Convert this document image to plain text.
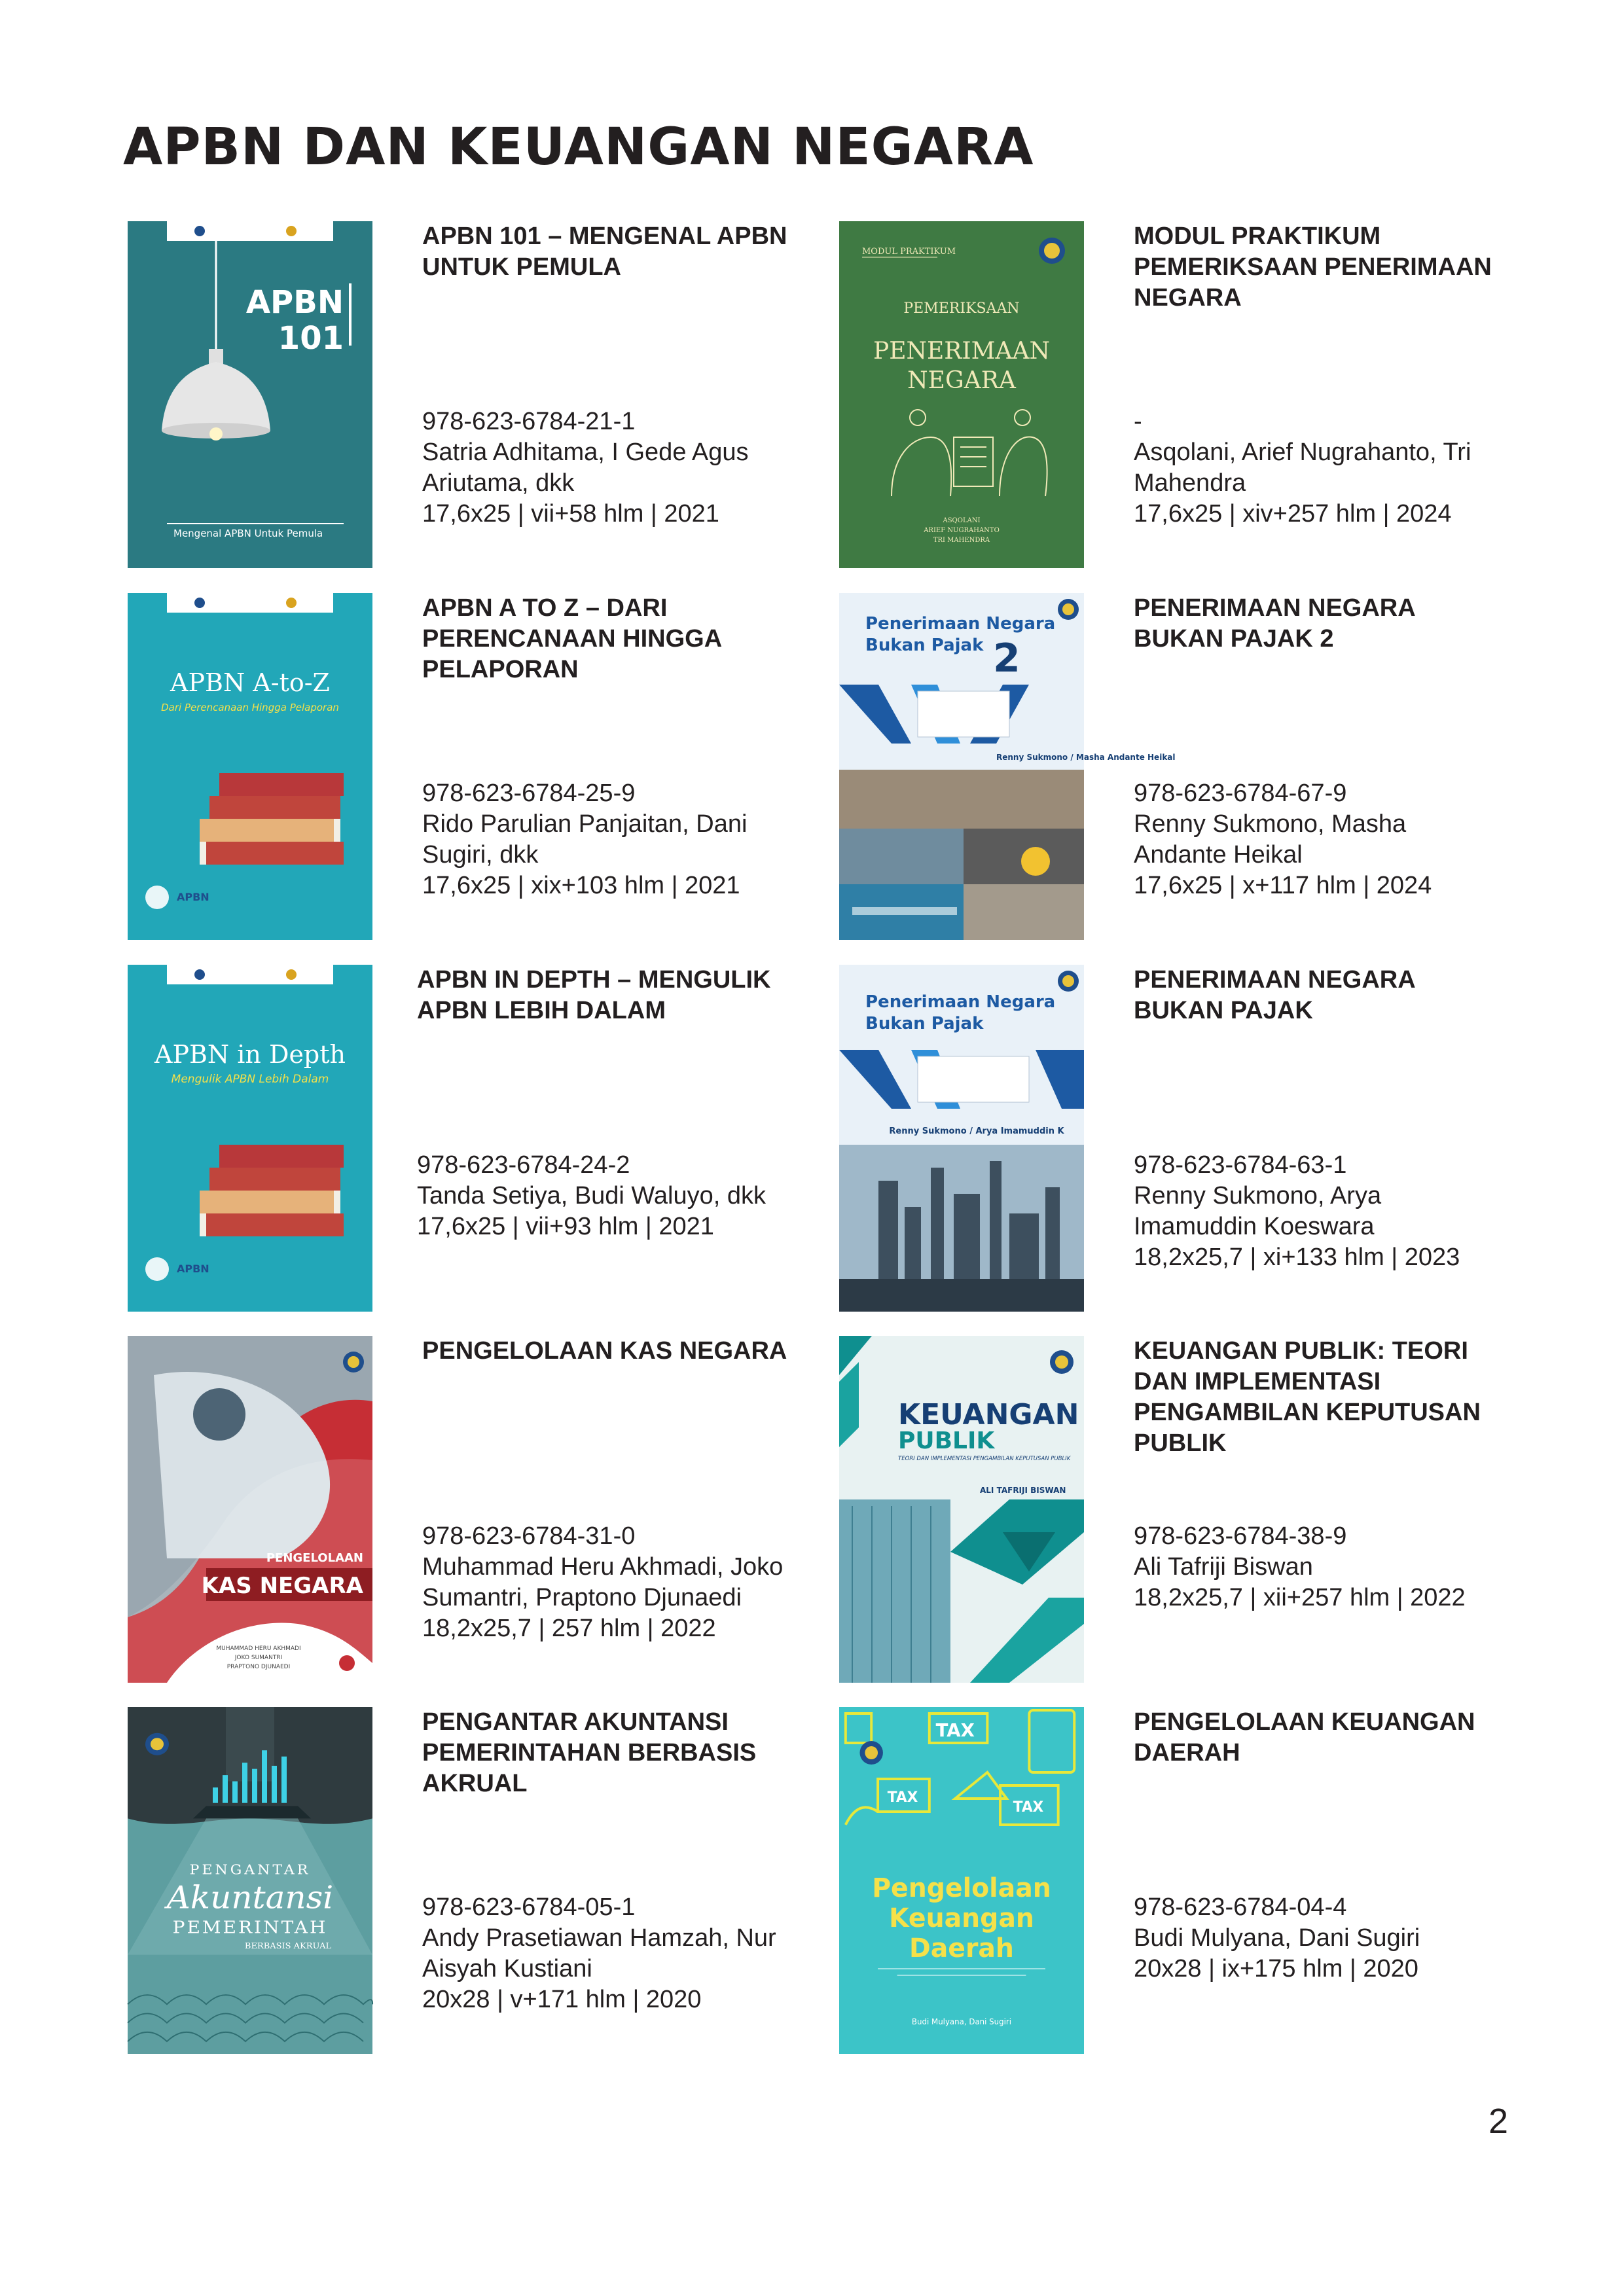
APBN DAN KEUANGAN NEGARA
APBN
101
Mengenal APBN Untuk Pemula
APBN 101 – MENGENAL APBN UNTUK PEMULA
978-623-6784-21-1
Satria Adhitama, I Gede Agus Ariutama, dkk
17,6x25 | vii+58 hlm | 2021
MODUL PRAKTIKUM
PEMERIKSAAN
PENERIMAAN
NEGARA
ASQOLANI
ARIEF NUGRAHANTO
TRI MAHENDRA
MODUL PRAKTIKUM PEMERIKSAAN PENERIMAAN NEGARA
-
Asqolani, Arief Nugrahanto, Tri Mahendra
17,6x25 | xiv+257 hlm | 2024
APBN A-to-Z
Dari Perencanaan Hingga Pelaporan
APBN
APBN A TO Z – DARI PERENCANAAN HINGGA PELAPORAN
978-623-6784-25-9
Rido Parulian Panjaitan, Dani Sugiri, dkk
17,6x25 | xix+103 hlm | 2021
Penerimaan Negara
Bukan Pajak 2
Renny Sukmono / Masha Andante Heikal
PENERIMAAN NEGARA BUKAN PAJAK 2
978-623-6784-67-9
Renny Sukmono, Masha Andante Heikal
17,6x25 | x+117 hlm | 2024
APBN in Depth
Mengulik APBN Lebih Dalam
APBN
APBN IN DEPTH – MENGULIK APBN LEBIH DALAM
978-623-6784-24-2
Tanda Setiya, Budi Waluyo, dkk
17,6x25 | vii+93 hlm | 2021
Penerimaan Negara
Bukan Pajak
Renny Sukmono / Arya Imamuddin K
PENERIMAAN NEGARA BUKAN PAJAK
978-623-6784-63-1
Renny Sukmono, Arya Imamuddin Koeswara
18,2x25,7 | xi+133 hlm | 2023
PENGELOLAAN
KAS NEGARA
MUHAMMAD HERU AKHMADI
JOKO SUMANTRI
PRAPTONO DJUNAEDI
PENGELOLAAN KAS NEGARA
978-623-6784-31-0
Muhammad Heru Akhmadi, Joko Sumantri, Praptono Djunaedi
18,2x25,7 | 257 hlm | 2022
KEUANGAN
PUBLIK
TEORI DAN IMPLEMENTASI PENGAMBILAN KEPUTUSAN PUBLIK
ALI TAFRIJI BISWAN
KEUANGAN PUBLIK: TEORI DAN IMPLEMENTASI PENGAMBILAN KEPUTUSAN PUBLIK
978-623-6784-38-9
Ali Tafriji Biswan
18,2x25,7 | xii+257 hlm | 2022
PENGANTAR
Akuntansi
PEMERINTAH
BERBASIS AKRUAL
PENGANTAR AKUNTANSI PEMERINTAHAN BERBASIS AKRUAL
978-623-6784-05-1
Andy Prasetiawan Hamzah, Nur Aisyah Kustiani
20x28 | v+171 hlm | 2020
TAX
TAX
TAX
Pengelolaan
Keuangan
Daerah
Budi Mulyana, Dani Sugiri
PENGELOLAAN KEUANGAN DAERAH
978-623-6784-04-4
Budi Mulyana, Dani Sugiri
20x28 | ix+175 hlm | 2020
2
